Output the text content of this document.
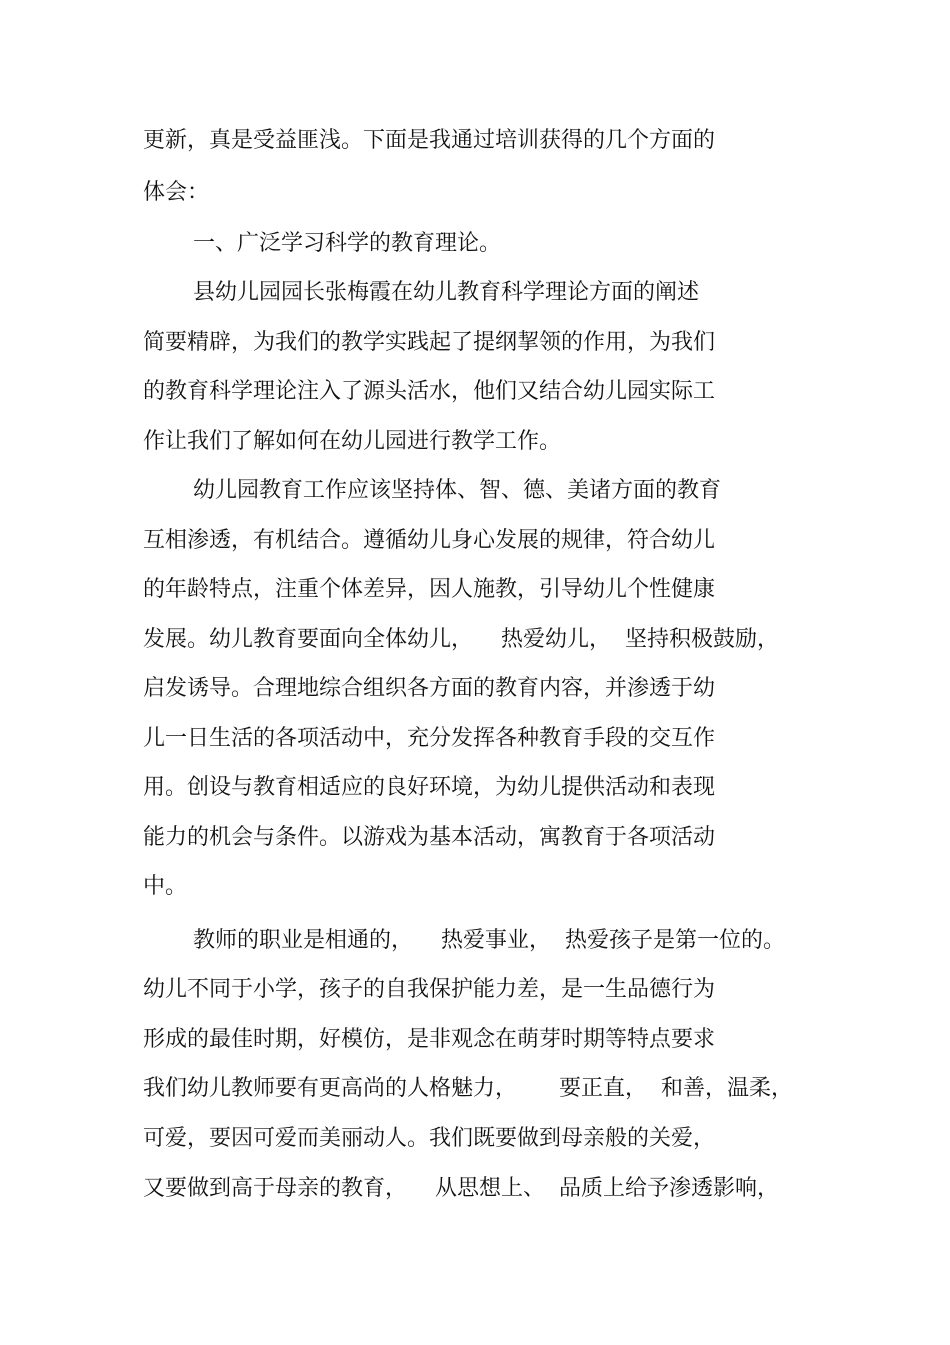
更新，真是受益匪浅。下面是我通过培训获得的几个方面的
体会：
一、广泛学习科学的教育理论。
县幼儿园园长张梅霞在幼儿教育科学理论方面的阐述
简要精辟，为我们的教学实践起了提纲挈领的作用，为我们
的教育科学理论注入了源头活水，他们又结合幼儿园实际工
作让我们了解如何在幼儿园进行教学工作。
幼儿园教育工作应该坚持体、智、德、美诸方面的教育
互相渗透，有机结合。遵循幼儿身心发展的规律，符合幼儿
的年龄特点，注重个体差异，因人施教，引导幼儿个性健康
发展。幼儿教育要面向全体幼儿，    热爱幼儿，  坚持积极鼓励，
启发诱导。合理地综合组织各方面的教育内容，并渗透于幼
儿一日生活的各项活动中，充分发挥各种教育手段的交互作
用。创设与教育相适应的良好环境，为幼儿提供活动和表现
能力的机会与条件。以游戏为基本活动，寓教育于各项活动
中。
教师的职业是相通的，    热爱事业，  热爱孩子是第一位的。
幼儿不同于小学，孩子的自我保护能力差，是一生品德行为
形成的最佳时期，好模仿，是非观念在萌芽时期等特点要求
我们幼儿教师要有更高尚的人格魅力，      要正直，  和善，温柔，
可爱，要因可爱而美丽动人。我们既要做到母亲般的关爱，
又要做到高于母亲的教育，    从思想上、  品质上给予渗透影响，
